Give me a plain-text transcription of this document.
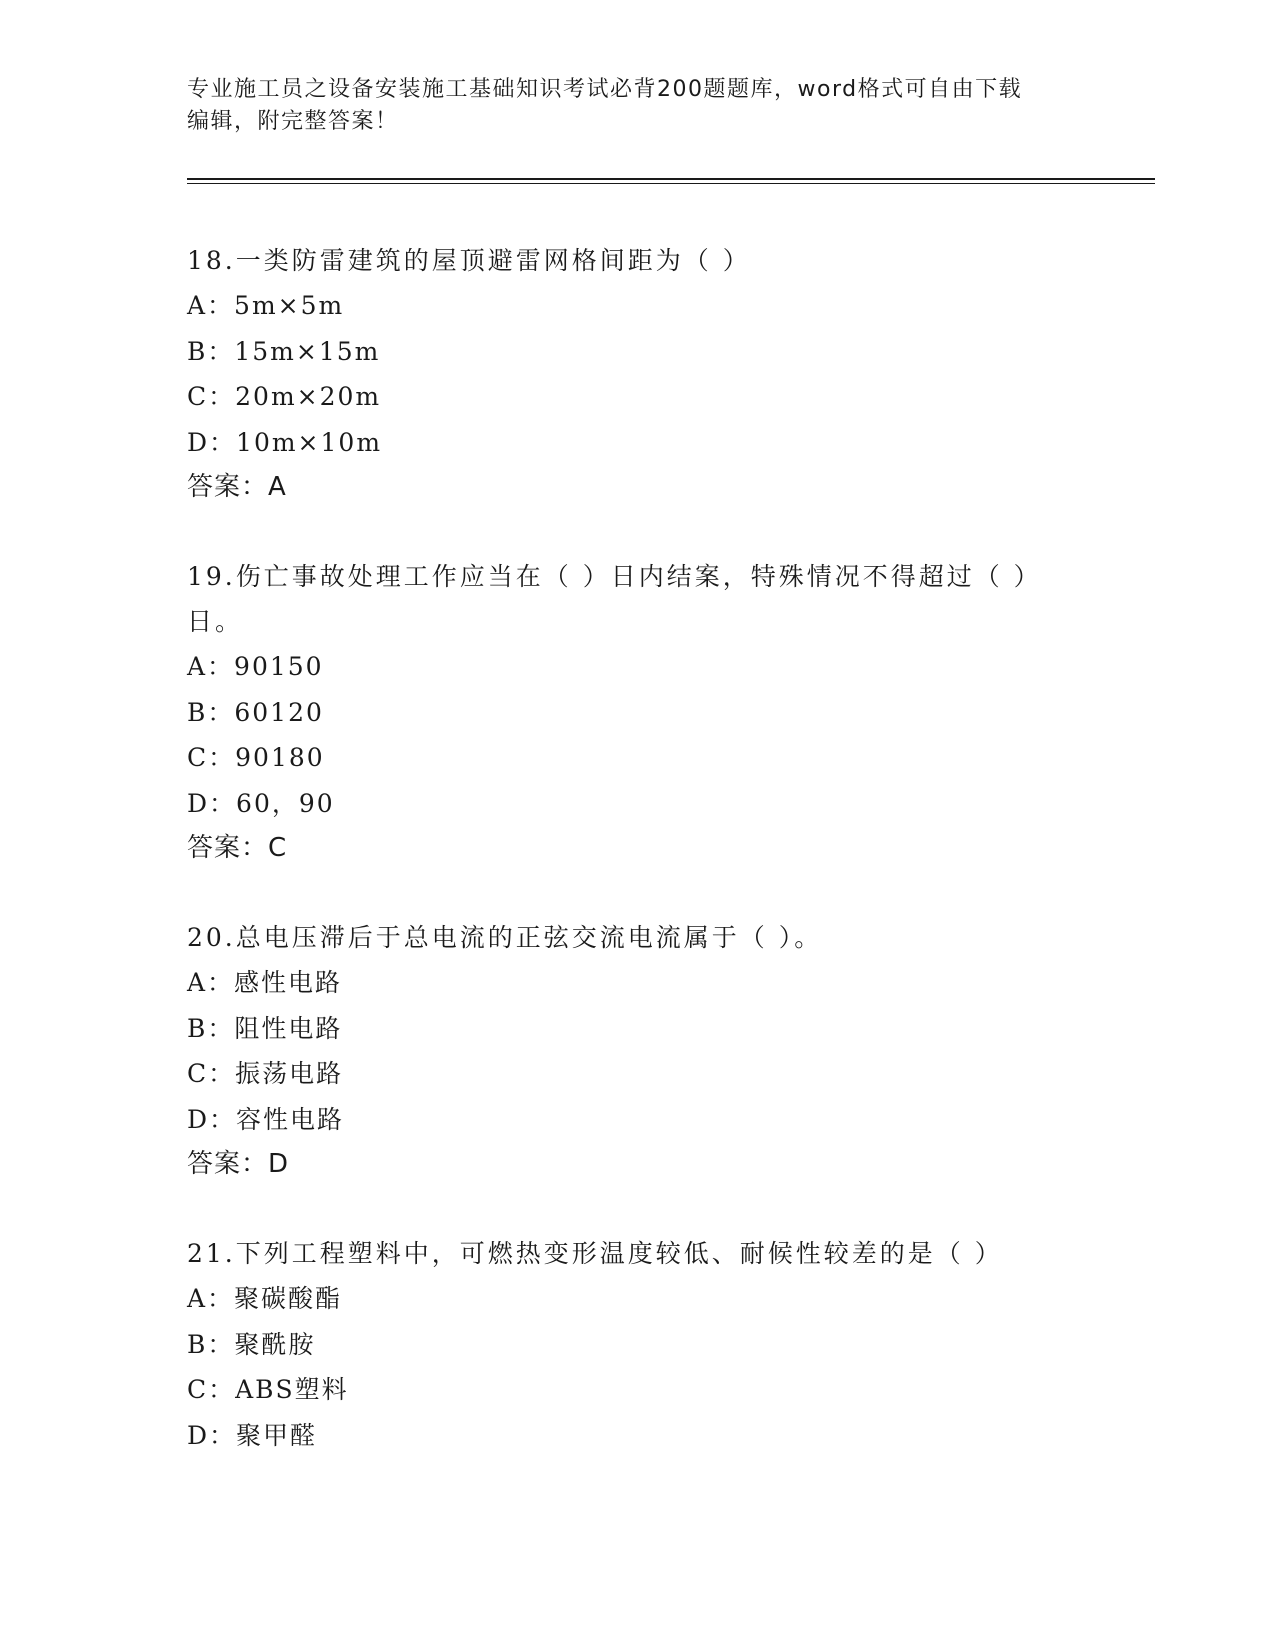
专业施工员之设备安装施工基础知识考试必背200题题库，word格式可自由下载
编辑，附完整答案！

18.一类防雷建筑的屋顶避雷网格间距为（ ）

A：5m×5m

B：15m×15m

C：20m×20m

D：10m×10m

答案：A

19.伤亡事故处理工作应当在（ ）日内结案，特殊情况不得超过（ ）

日。

A：90150

B：60120

C：90180

D：60，90

答案：C

20.总电压滞后于总电流的正弦交流电流属于（ ）。

A：感性电路

B：阻性电路

C：振荡电路

D：容性电路

答案：D

21.下列工程塑料中，可燃热变形温度较低、耐候性较差的是（ ）

A：聚碳酸酯

B：聚酰胺

C：ABS塑料

D：聚甲醛
